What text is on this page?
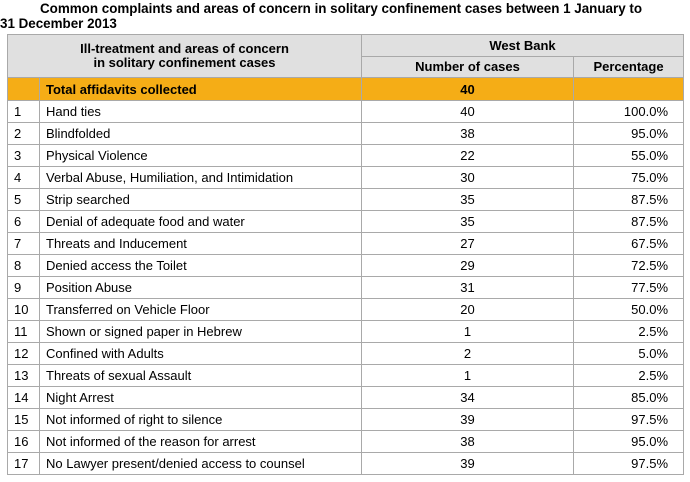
Common complaints and areas of concern in solitary confinement cases between 1 January to
31 December 2013
Ill-treatment and areas of concern in solitary confinement cases		West Bank	
		Number of cases	Percentage
	Total affidavits collected	40	
1	Hand ties	40	100.0%
2	Blindfolded	38	95.0%
3	Physical Violence	22	55.0%
4	Verbal Abuse, Humiliation, and Intimidation	30	75.0%
5	Strip searched	35	87.5%
6	Denial of adequate food and water	35	87.5%
7	Threats and Inducement	27	67.5%
8	Denied access the Toilet	29	72.5%
9	Position Abuse	31	77.5%
10	Transferred on Vehicle Floor	20	50.0%
11	Shown or signed paper in Hebrew	1	2.5%
12	Confined with Adults	2	5.0%
13	Threats of sexual Assault	1	2.5%
14	Night Arrest	34	85.0%
15	Not informed of right to silence	39	97.5%
16	Not informed of the reason for arrest	38	95.0%
17	No Lawyer present/denied access to counsel	39	97.5%
